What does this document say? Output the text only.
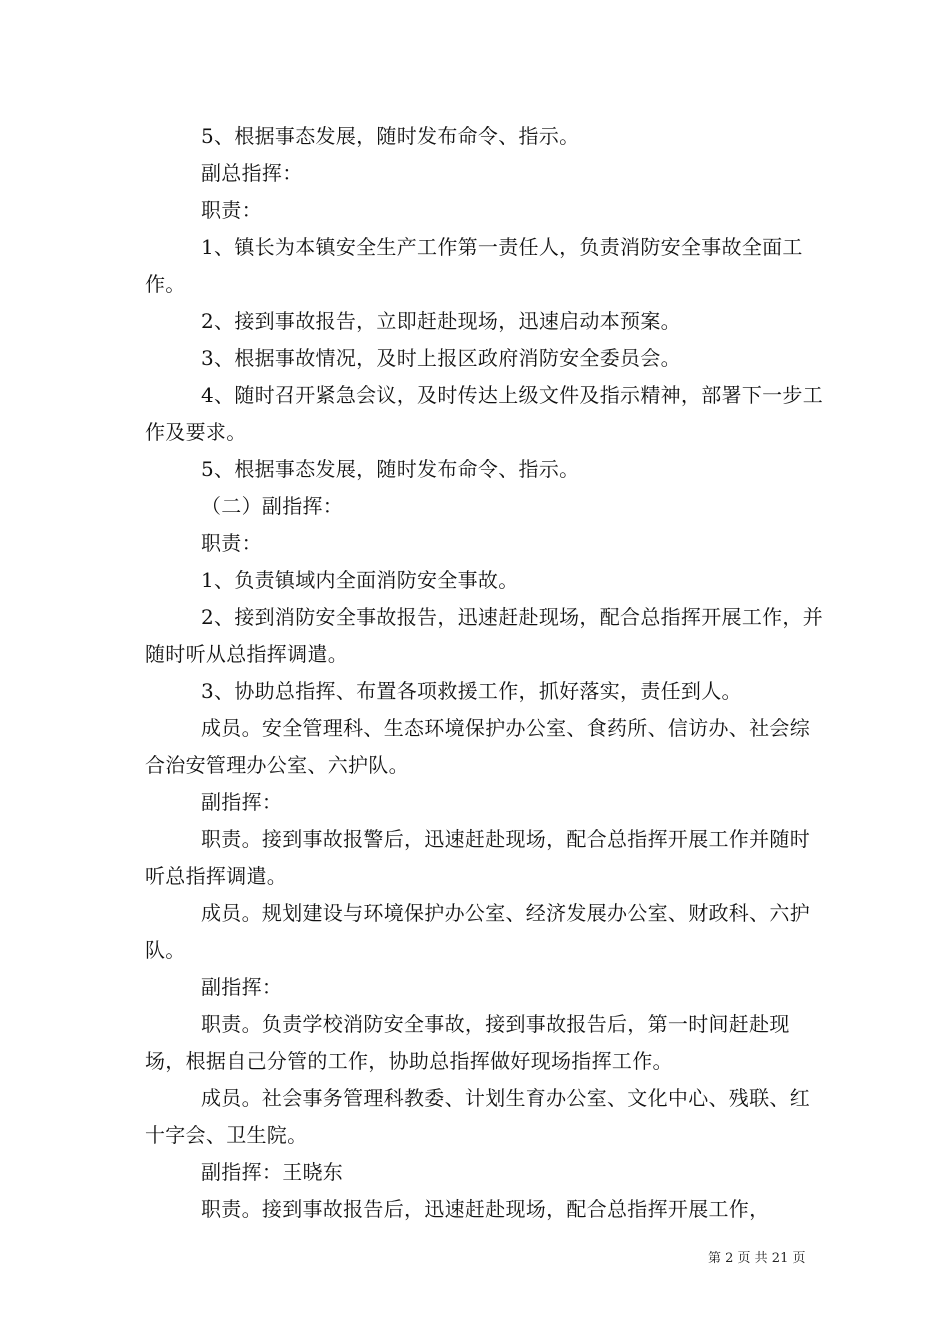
5、根据事态发展，随时发布命令、指示。

副总指挥：

职责：

1、镇长为本镇安全生产工作第一责任人，负责消防安全事故全面工作。

2、接到事故报告，立即赶赴现场，迅速启动本预案。

3、根据事故情况，及时上报区政府消防安全委员会。

4、随时召开紧急会议，及时传达上级文件及指示精神，部署下一步工作及要求。

5、根据事态发展，随时发布命令、指示。

（二）副指挥：

职责：

1、负责镇域内全面消防安全事故。

2、接到消防安全事故报告，迅速赶赴现场，配合总指挥开展工作，并随时听从总指挥调遣。

3、协助总指挥、布置各项救援工作，抓好落实，责任到人。

成员。安全管理科、生态环境保护办公室、食药所、信访办、社会综合治安管理办公室、六护队。

副指挥：

职责。接到事故报警后，迅速赶赴现场，配合总指挥开展工作并随时听总指挥调遣。

成员。规划建设与环境保护办公室、经济发展办公室、财政科、六护队。

副指挥：

职责。负责学校消防安全事故，接到事故报告后，第一时间赶赴现场，根据自己分管的工作，协助总指挥做好现场指挥工作。

成员。社会事务管理科教委、计划生育办公室、文化中心、残联、红十字会、卫生院。

副指挥：王晓东

职责。接到事故报告后，迅速赶赴现场，配合总指挥开展工作，

第 2 页 共 21 页
